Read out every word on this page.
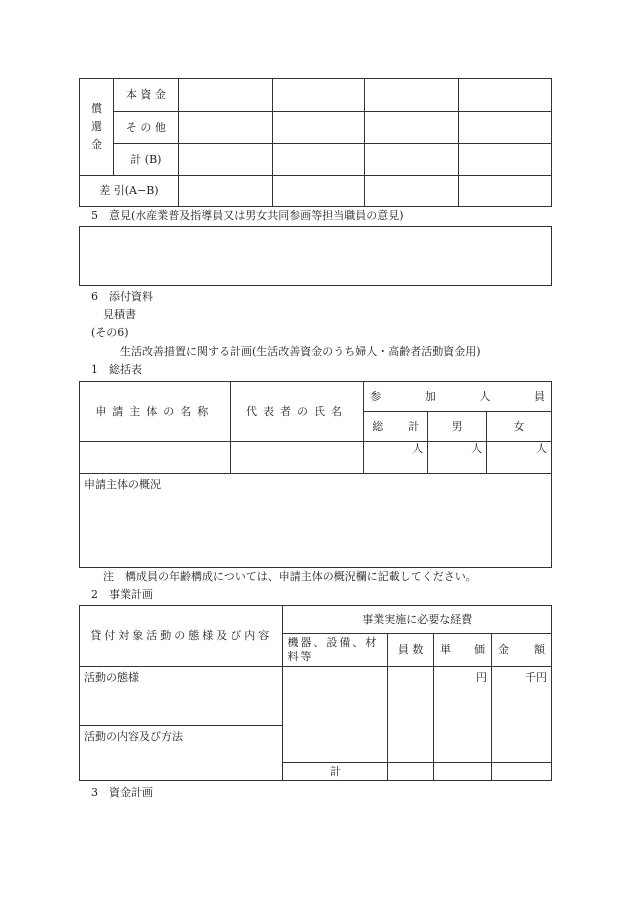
償
還
金	本 資 金				
	そ の 他				
	計 (B)				
差 引(A−B)					
5　意見(水産業普及指導員又は男女共同参画等担当職員の意見)
6　添付資料
見積書
(その6)
生活改善措置に関する計画(生活改善資金のうち婦人・高齢者活動資金用)
1　総括表
申請主体の名称	代表者の氏名	参 加 人 員		

		総 計	男	女
		人	人	人
申請主体の概況				
注　構成員の年齢構成については、申請主体の概況欄に記載してください。
2　事業計画
貸付対象活動の態様及び内容	事業実施に必要な経費			
	機器、設備、材料等	員 数	単 価	金 額

活動の態様			円	千円
活動の内容及び方法				
	計			
3　資金計画
